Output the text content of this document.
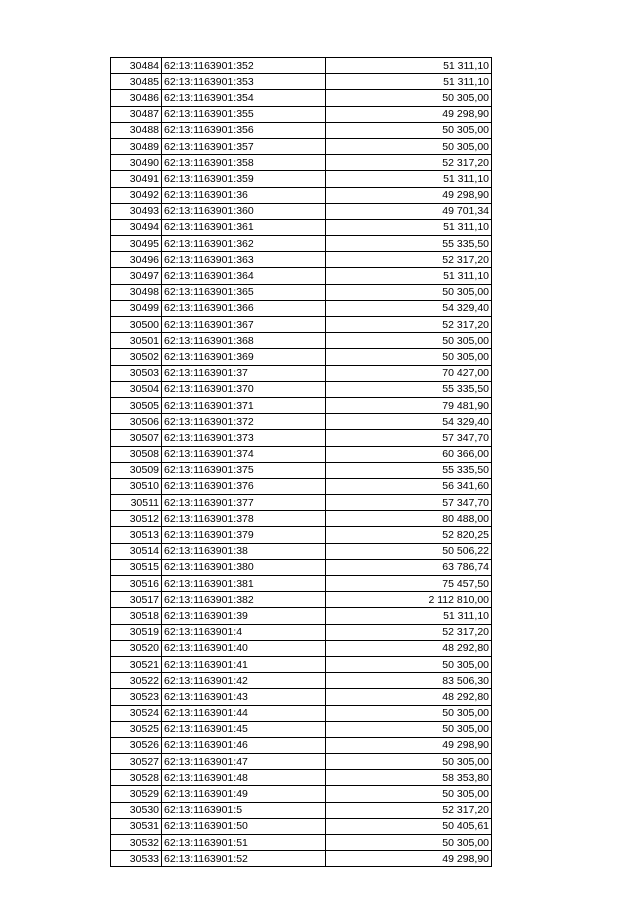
30484	62:13:1163901:352	51 311,10
30485	62:13:1163901:353	51 311,10
30486	62:13:1163901:354	50 305,00
30487	62:13:1163901:355	49 298,90
30488	62:13:1163901:356	50 305,00
30489	62:13:1163901:357	50 305,00
30490	62:13:1163901:358	52 317,20
30491	62:13:1163901:359	51 311,10
30492	62:13:1163901:36	49 298,90
30493	62:13:1163901:360	49 701,34
30494	62:13:1163901:361	51 311,10
30495	62:13:1163901:362	55 335,50
30496	62:13:1163901:363	52 317,20
30497	62:13:1163901:364	51 311,10
30498	62:13:1163901:365	50 305,00
30499	62:13:1163901:366	54 329,40
30500	62:13:1163901:367	52 317,20
30501	62:13:1163901:368	50 305,00
30502	62:13:1163901:369	50 305,00
30503	62:13:1163901:37	70 427,00
30504	62:13:1163901:370	55 335,50
30505	62:13:1163901:371	79 481,90
30506	62:13:1163901:372	54 329,40
30507	62:13:1163901:373	57 347,70
30508	62:13:1163901:374	60 366,00
30509	62:13:1163901:375	55 335,50
30510	62:13:1163901:376	56 341,60
30511	62:13:1163901:377	57 347,70
30512	62:13:1163901:378	80 488,00
30513	62:13:1163901:379	52 820,25
30514	62:13:1163901:38	50 506,22
30515	62:13:1163901:380	63 786,74
30516	62:13:1163901:381	75 457,50
30517	62:13:1163901:382	2 112 810,00
30518	62:13:1163901:39	51 311,10
30519	62:13:1163901:4	52 317,20
30520	62:13:1163901:40	48 292,80
30521	62:13:1163901:41	50 305,00
30522	62:13:1163901:42	83 506,30
30523	62:13:1163901:43	48 292,80
30524	62:13:1163901:44	50 305,00
30525	62:13:1163901:45	50 305,00
30526	62:13:1163901:46	49 298,90
30527	62:13:1163901:47	50 305,00
30528	62:13:1163901:48	58 353,80
30529	62:13:1163901:49	50 305,00
30530	62:13:1163901:5	52 317,20
30531	62:13:1163901:50	50 405,61
30532	62:13:1163901:51	50 305,00
30533	62:13:1163901:52	49 298,90
